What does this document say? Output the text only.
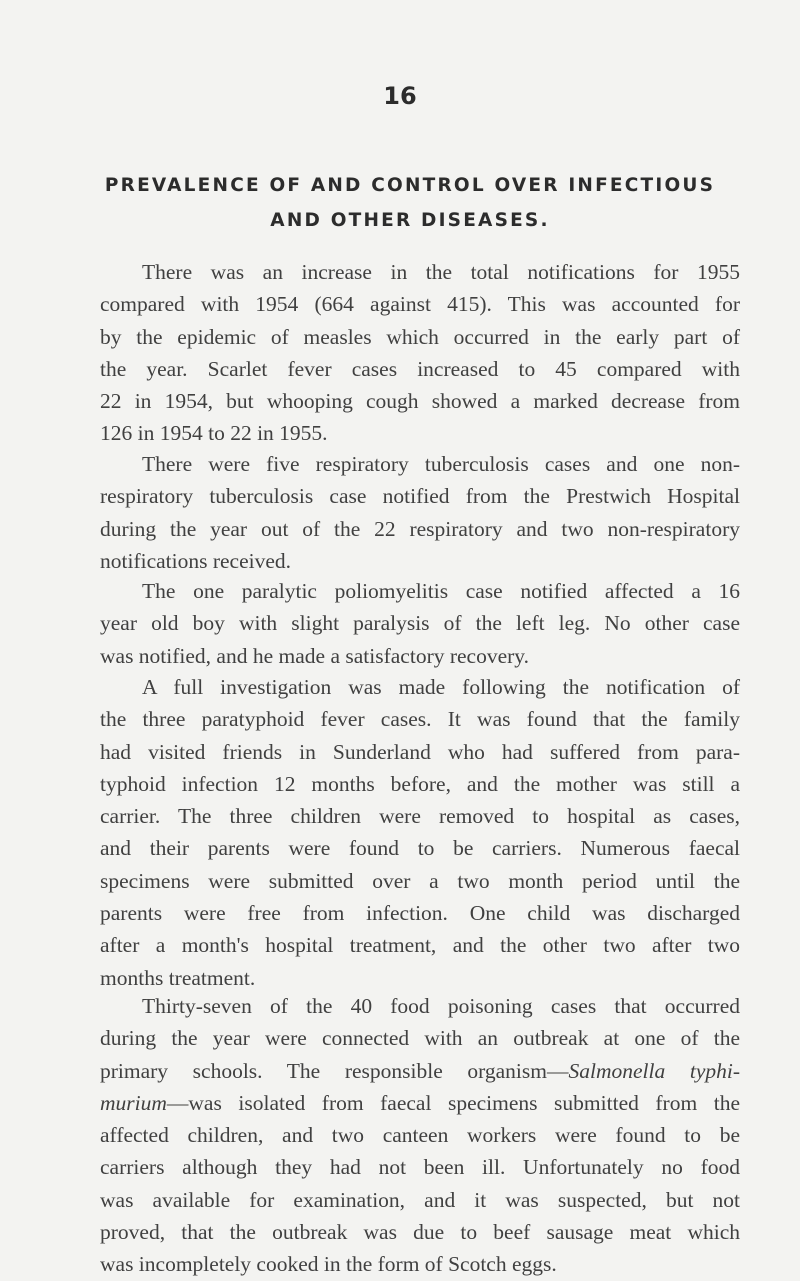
16
PREVALENCE OF AND CONTROL OVER INFECTIOUS
AND OTHER DISEASES.
There was an increase in the total notifications for 1955
compared with 1954 (664 against 415). This was accounted for
by the epidemic of measles which occurred in the early part of
the year. Scarlet fever cases increased to 45 compared with
22 in 1954, but whooping cough showed a marked decrease from
126 in 1954 to 22 in 1955.
There were five respiratory tuberculosis cases and one non-
respiratory tuberculosis case notified from the Prestwich Hospital
during the year out of the 22 respiratory and two non-respiratory
notifications received.
The one paralytic poliomyelitis case notified affected a 16
year old boy with slight paralysis of the left leg. No other case
was notified, and he made a satisfactory recovery.
A full investigation was made following the notification of
the three paratyphoid fever cases. It was found that the family
had visited friends in Sunderland who had suffered from para-
typhoid infection 12 months before, and the mother was still a
carrier. The three children were removed to hospital as cases,
and their parents were found to be carriers. Numerous faecal
specimens were submitted over a two month period until the
parents were free from infection. One child was discharged
after a month's hospital treatment, and the other two after two
months treatment.
Thirty-seven of the 40 food poisoning cases that occurred
during the year were connected with an outbreak at one of the
primary schools. The responsible organism—Salmonella typhi-
murium—was isolated from faecal specimens submitted from the
affected children, and two canteen workers were found to be
carriers although they had not been ill. Unfortunately no food
was available for examination, and it was suspected, but not
proved, that the outbreak was due to beef sausage meat which
was incompletely cooked in the form of Scotch eggs.
